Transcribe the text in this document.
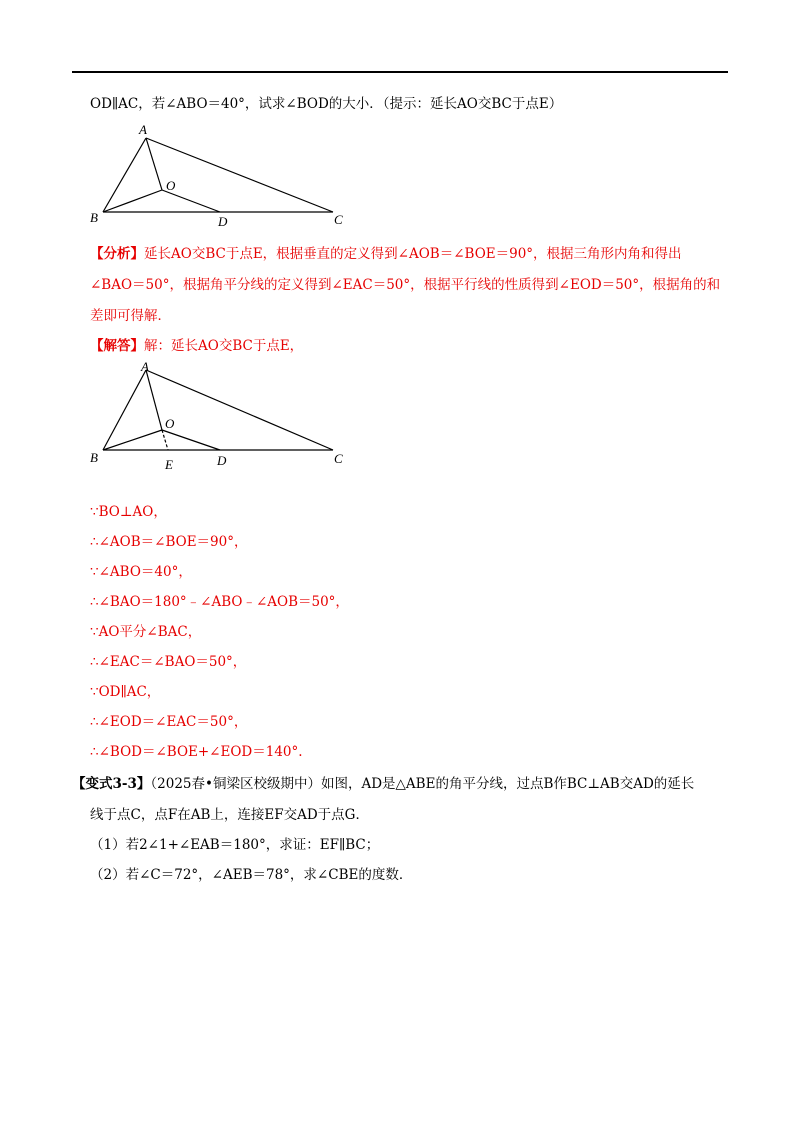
OD∥AC，若∠ABO＝40°，试求∠BOD的大小．（提示：延长AO交BC于点E）
A
B	C
D
O
【分析】延长AO交BC于点E，根据垂直的定义得到∠AOB＝∠BOE＝90°，根据三角形内角和得出
∠BAO＝50°，根据角平分线的定义得到∠EAC＝50°，根据平行线的性质得到∠EOD＝50°，根据角的和
差即可得解．
【解答】解：延长AO交BC于点E，
A
B	C
D
E
O
∵BO⊥AO，
∴∠AOB＝∠BOE＝90°，
∵∠ABO＝40°，
∴∠BAO＝180°﹣∠ABO﹣∠AOB＝50°，
∵AO平分∠BAC，
∴∠EAC＝∠BAO＝50°，
∵OD∥AC，
∴∠EOD＝∠EAC＝50°，
∴∠BOD＝∠BOE+∠EOD＝140°.
【变式3-3】（2025春•铜梁区校级期中）如图，AD是△ABE的角平分线，过点B作BC⊥AB交AD的延长
线于点C，点F在AB上，连接EF交AD于点G．
（1）若2∠1+∠EAB＝180°，求证：EF∥BC；
（2）若∠C＝72°，∠AEB＝78°，求∠CBE的度数．
